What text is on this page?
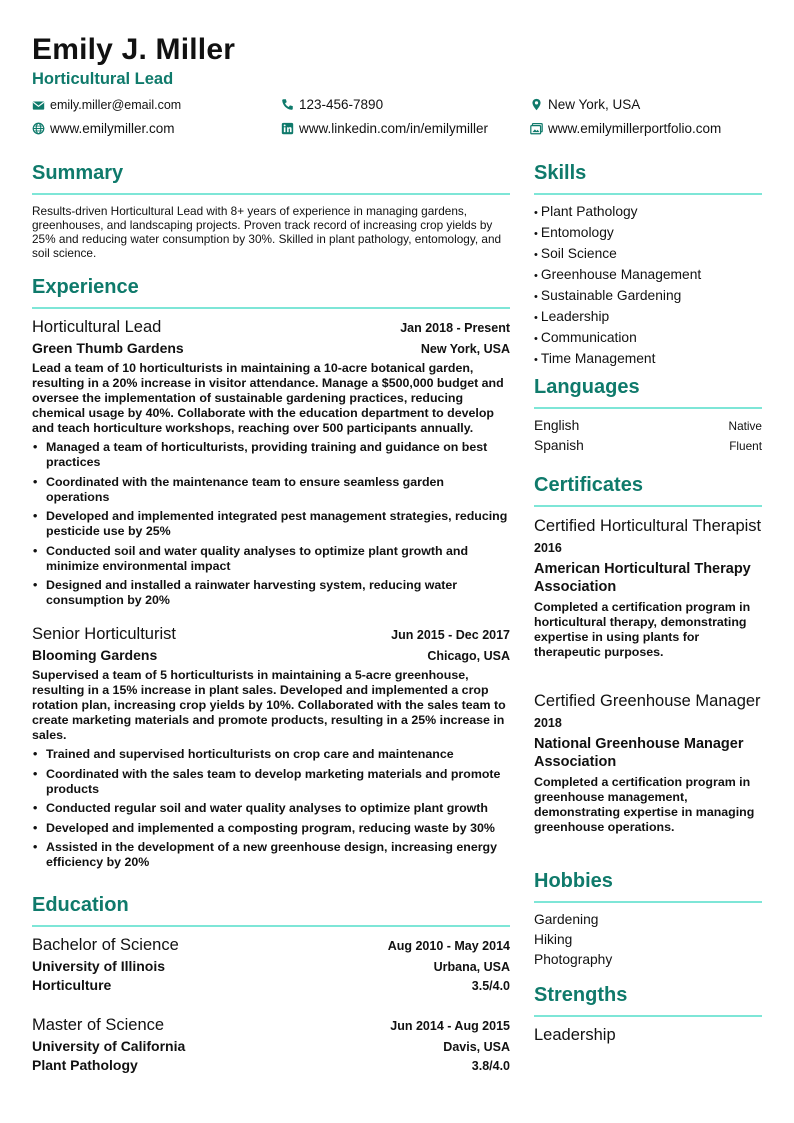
Emily J. Miller
Horticultural Lead
emily.miller@email.com	123-456-7890	New York, USA
www.emilymiller.com	www.linkedin.com/in/emilymiller	www.emilymillerportfolio.com
Summary
Results-driven Horticultural Lead with 8+ years of experience in managing gardens, greenhouses, and landscaping projects. Proven track record of increasing crop yields by 25% and reducing water consumption by 30%. Skilled in plant pathology, entomology, and soil science.
Experience
Horticultural Lead	Jan 2018 - Present
Green Thumb Gardens	New York, USA
Lead a team of 10 horticulturists in maintaining a 10-acre botanical garden, resulting in a 20% increase in visitor attendance. Manage a $500,000 budget and oversee the implementation of sustainable gardening practices, reducing chemical usage by 40%. Collaborate with the education department to develop and teach horticulture workshops, reaching over 500 participants annually.
• Managed a team of horticulturists, providing training and guidance on best practices
• Coordinated with the maintenance team to ensure seamless garden operations
• Developed and implemented integrated pest management strategies, reducing pesticide use by 25%
• Conducted soil and water quality analyses to optimize plant growth and minimize environmental impact
• Designed and installed a rainwater harvesting system, reducing water consumption by 20%
Senior Horticulturist	Jun 2015 - Dec 2017
Blooming Gardens	Chicago, USA
Supervised a team of 5 horticulturists in maintaining a 5-acre greenhouse, resulting in a 15% increase in plant sales. Developed and implemented a crop rotation plan, increasing crop yields by 10%. Collaborated with the sales team to create marketing materials and promote products, resulting in a 25% increase in sales.
• Trained and supervised horticulturists on crop care and maintenance
• Coordinated with the sales team to develop marketing materials and promote products
• Conducted regular soil and water quality analyses to optimize plant growth
• Developed and implemented a composting program, reducing waste by 30%
• Assisted in the development of a new greenhouse design, increasing energy efficiency by 20%
Education
Bachelor of Science	Aug 2010 - May 2014
University of Illinois	Urbana, USA
Horticulture	3.5/4.0
Master of Science	Jun 2014 - Aug 2015
University of California	Davis, USA
Plant Pathology	3.8/4.0
Skills
• Plant Pathology
• Entomology
• Soil Science
• Greenhouse Management
• Sustainable Gardening
• Leadership
• Communication
• Time Management
Languages
English	Native
Spanish	Fluent
Certificates
Certified Horticultural Therapist
2016
American Horticultural Therapy Association
Completed a certification program in horticultural therapy, demonstrating expertise in using plants for therapeutic purposes.
Certified Greenhouse Manager
2018
National Greenhouse Manager Association
Completed a certification program in greenhouse management, demonstrating expertise in managing greenhouse operations.
Hobbies
Gardening
Hiking
Photography
Strengths
Leadership
